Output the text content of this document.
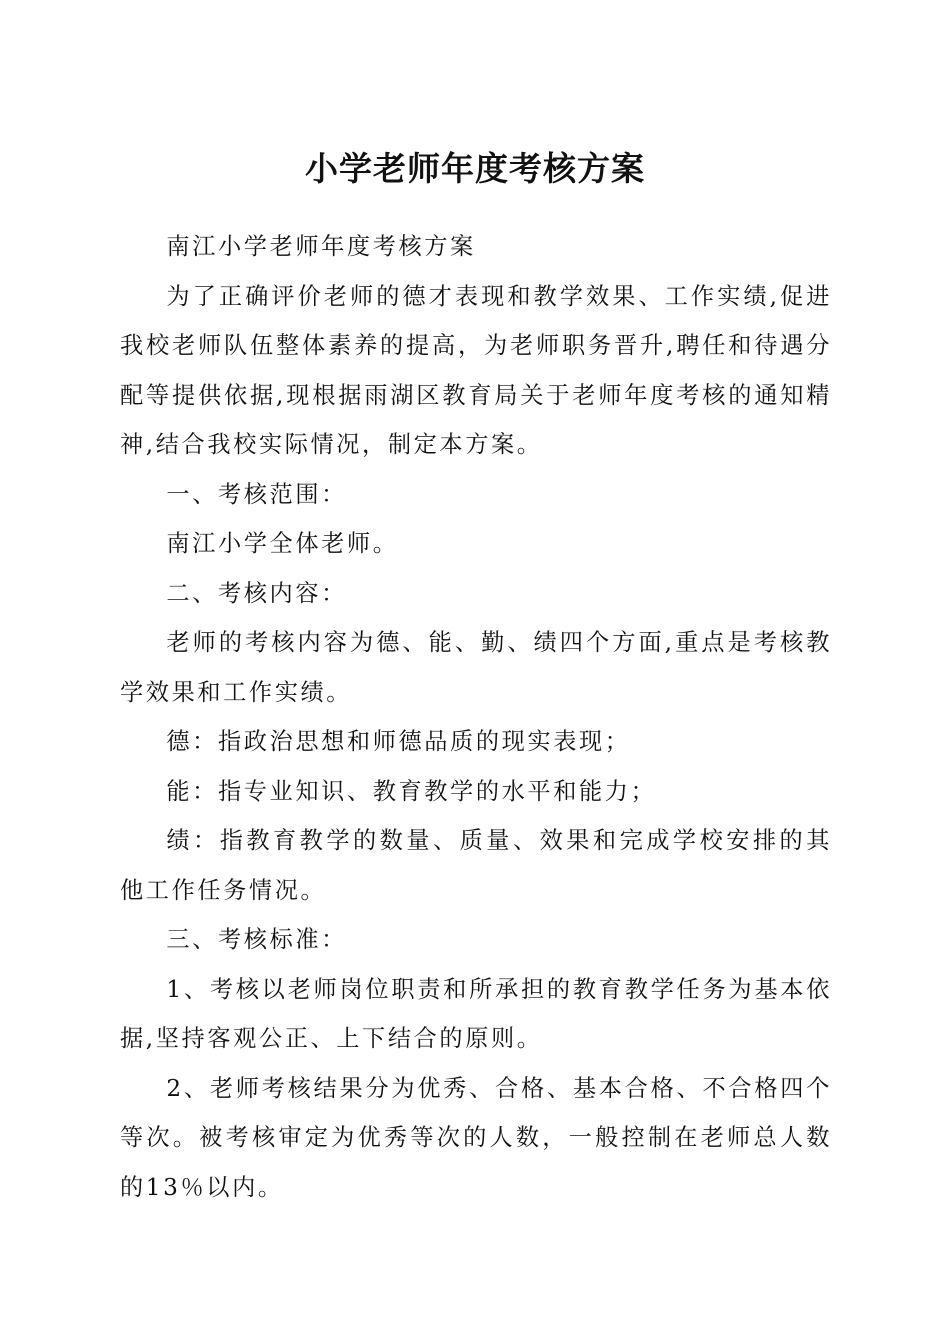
小学老师年度考核方案

南江小学老师年度考核方案

为了正确评价老师的德才表现和教学效果、工作实绩,促进我校老师队伍整体素养的提高，为老师职务晋升,聘任和待遇分配等提供依据,现根据雨湖区教育局关于老师年度考核的通知精神,结合我校实际情况，制定本方案。

一、考核范围：

南江小学全体老师。

二、考核内容：

老师的考核内容为德、能、勤、绩四个方面,重点是考核教学效果和工作实绩。

德：指政治思想和师德品质的现实表现；

能：指专业知识、教育教学的水平和能力；

绩：指教育教学的数量、质量、效果和完成学校安排的其他工作任务情况。

三、考核标准：

1、考核以老师岗位职责和所承担的教育教学任务为基本依据,坚持客观公正、上下结合的原则。

2、老师考核结果分为优秀、合格、基本合格、不合格四个等次。被考核审定为优秀等次的人数，一般控制在老师总人数的13％以内。
